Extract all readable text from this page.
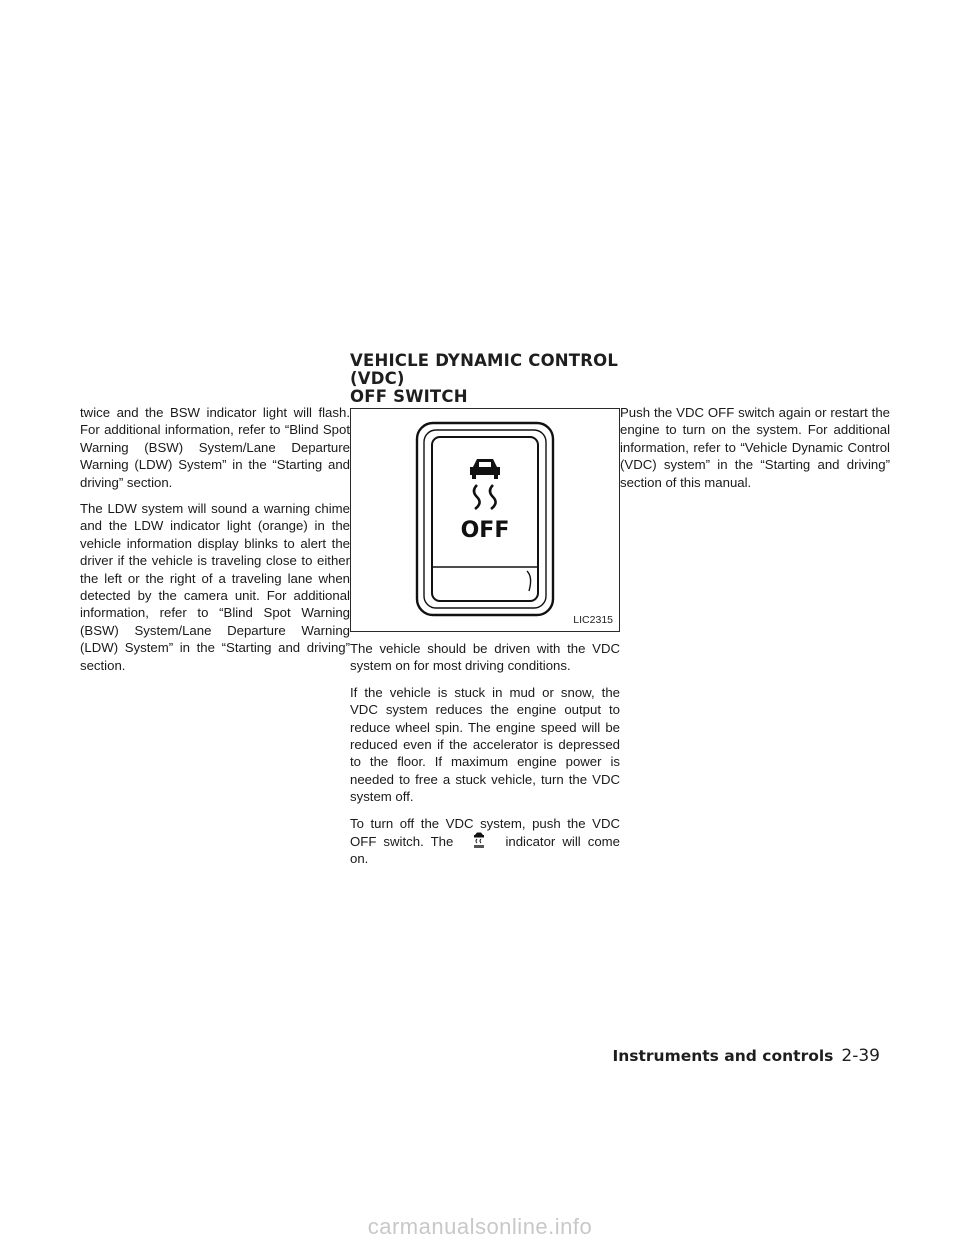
VEHICLE DYNAMIC CONTROL (VDC)
OFF SWITCH

twice and the BSW indicator light will flash. For additional information, refer to “Blind Spot Warning (BSW) System/Lane Departure Warning (LDW) System” in the “Starting and driving” section.

The LDW system will sound a warning chime and the LDW indicator light (orange) in the vehicle information display blinks to alert the driver if the vehicle is traveling close to either the left or the right of a traveling lane when detected by the camera unit. For additional information, refer to “Blind Spot Warning (BSW) System/Lane Departure Warning (LDW) System” in the “Starting and driving” section.

OFF
LIC2315

The vehicle should be driven with the VDC system on for most driving conditions.

If the vehicle is stuck in mud or snow, the VDC system reduces the engine output to reduce wheel spin. The engine speed will be reduced even if the accelerator is depressed to the floor. If maximum engine power is needed to free a stuck vehicle, turn the VDC system off.

To turn off the VDC system, push the VDC OFF switch. The	indicator will come on.

Push the VDC OFF switch again or restart the engine to turn on the system. For additional information, refer to “Vehicle Dynamic Control (VDC) system” in the “Starting and driving” section of this manual.

Instruments and controls 2-39
carmanualsonline.info
